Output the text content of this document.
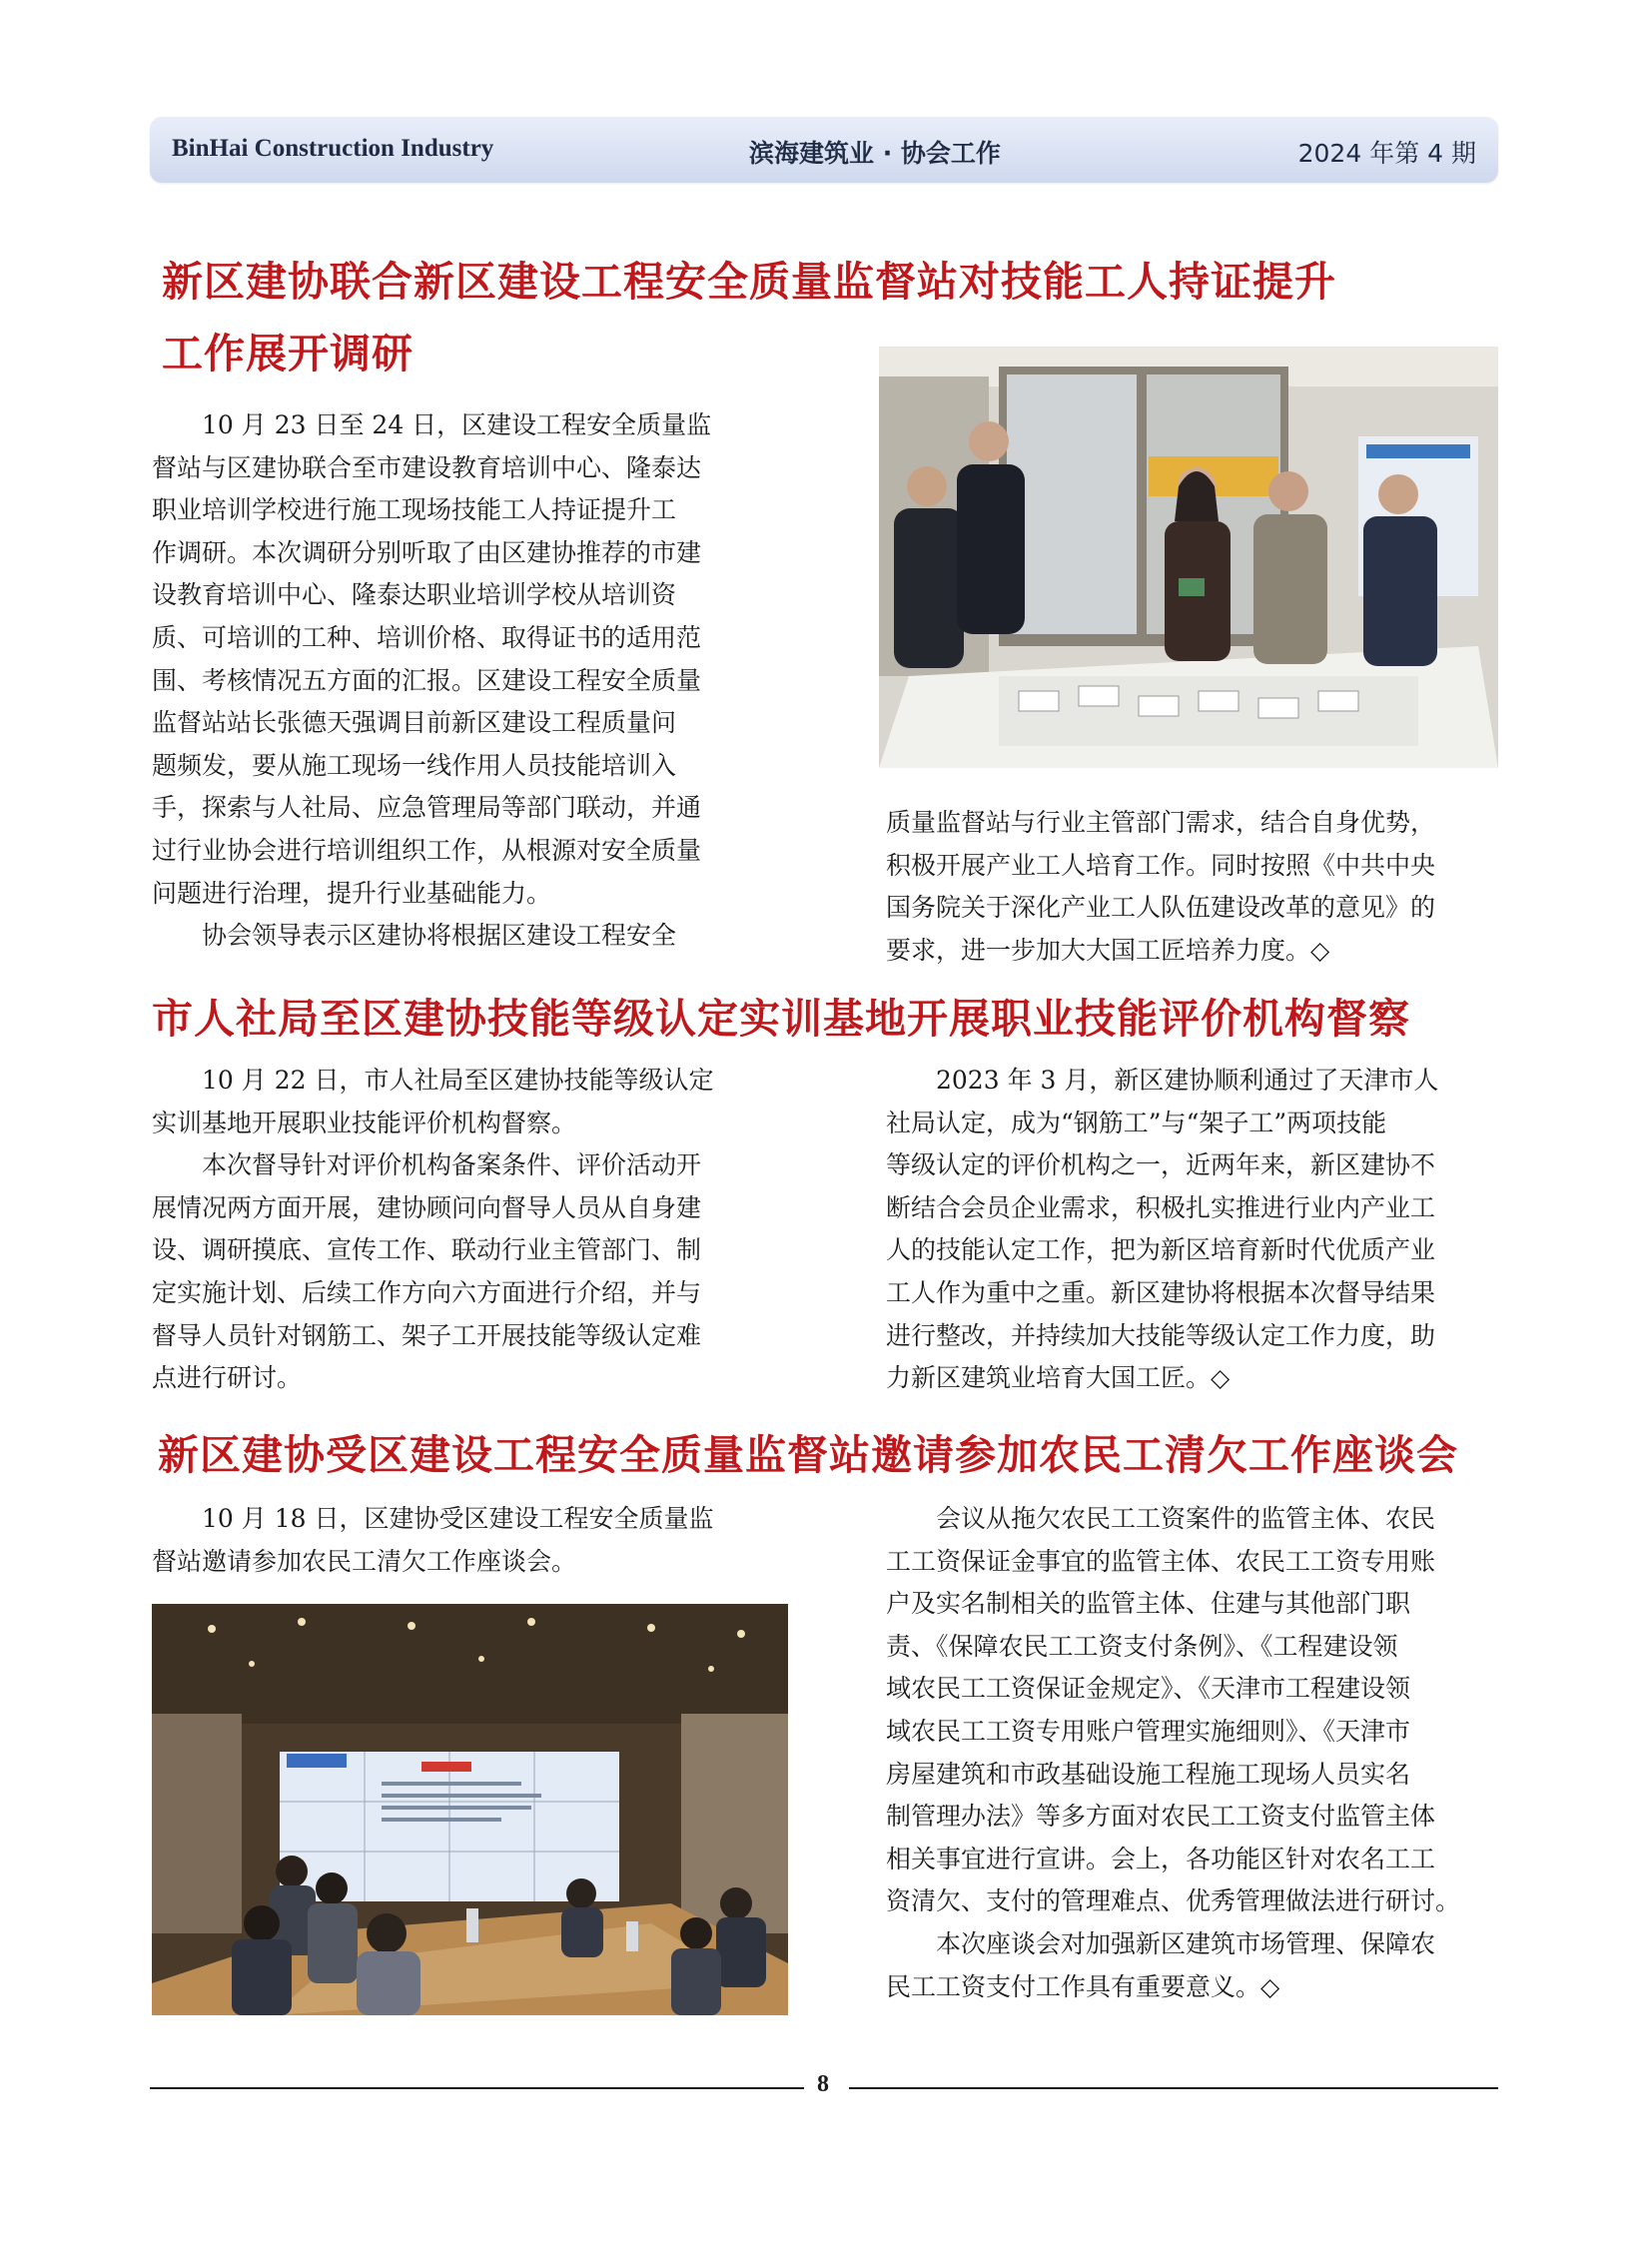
BinHai Construction Industry	滨海建筑业 · 协会工作	2024 年第 4 期
新区建协联合新区建设工程安全质量监督站对技能工人持证提升
工作展开调研
10 月 23 日至 24 日，区建设工程安全质量监
督站与区建协联合至市建设教育培训中心、隆泰达
职业培训学校进行施工现场技能工人持证提升工
作调研。本次调研分别听取了由区建协推荐的市建
设教育培训中心、隆泰达职业培训学校从培训资
质、可培训的工种、培训价格、取得证书的适用范
围、考核情况五方面的汇报。区建设工程安全质量
监督站站长张德天强调目前新区建设工程质量问
题频发，要从施工现场一线作用人员技能培训入
手，探索与人社局、应急管理局等部门联动，并通
过行业协会进行培训组织工作，从根源对安全质量
问题进行治理，提升行业基础能力。
协会领导表示区建协将根据区建设工程安全
质量监督站与行业主管部门需求，结合自身优势，
积极开展产业工人培育工作。同时按照《中共中央
国务院关于深化产业工人队伍建设改革的意见》的
要求，进一步加大大国工匠培养力度。◇
市人社局至区建协技能等级认定实训基地开展职业技能评价机构督察
10 月 22 日，市人社局至区建协技能等级认定
实训基地开展职业技能评价机构督察。
本次督导针对评价机构备案条件、评价活动开
展情况两方面开展，建协顾问向督导人员从自身建
设、调研摸底、宣传工作、联动行业主管部门、制
定实施计划、后续工作方向六方面进行介绍，并与
督导人员针对钢筋工、架子工开展技能等级认定难
点进行研讨。
2023 年 3 月，新区建协顺利通过了天津市人
社局认定，成为“钢筋工”与“架子工”两项技能
等级认定的评价机构之一，近两年来，新区建协不
断结合会员企业需求，积极扎实推进行业内产业工
人的技能认定工作，把为新区培育新时代优质产业
工人作为重中之重。新区建协将根据本次督导结果
进行整改，并持续加大技能等级认定工作力度，助
力新区建筑业培育大国工匠。◇
新区建协受区建设工程安全质量监督站邀请参加农民工清欠工作座谈会
10 月 18 日，区建协受区建设工程安全质量监
督站邀请参加农民工清欠工作座谈会。
会议从拖欠农民工工资案件的监管主体、农民
工工资保证金事宜的监管主体、农民工工资专用账
户及实名制相关的监管主体、住建与其他部门职
责、《保障农民工工资支付条例》、《工程建设领
域农民工工资保证金规定》、《天津市工程建设领
域农民工工资专用账户管理实施细则》、《天津市
房屋建筑和市政基础设施工程施工现场人员实名
制管理办法》等多方面对农民工工资支付监管主体
相关事宜进行宣讲。会上，各功能区针对农名工工
资清欠、支付的管理难点、优秀管理做法进行研讨。
本次座谈会对加强新区建筑市场管理、保障农
民工工资支付工作具有重要意义。◇
8
